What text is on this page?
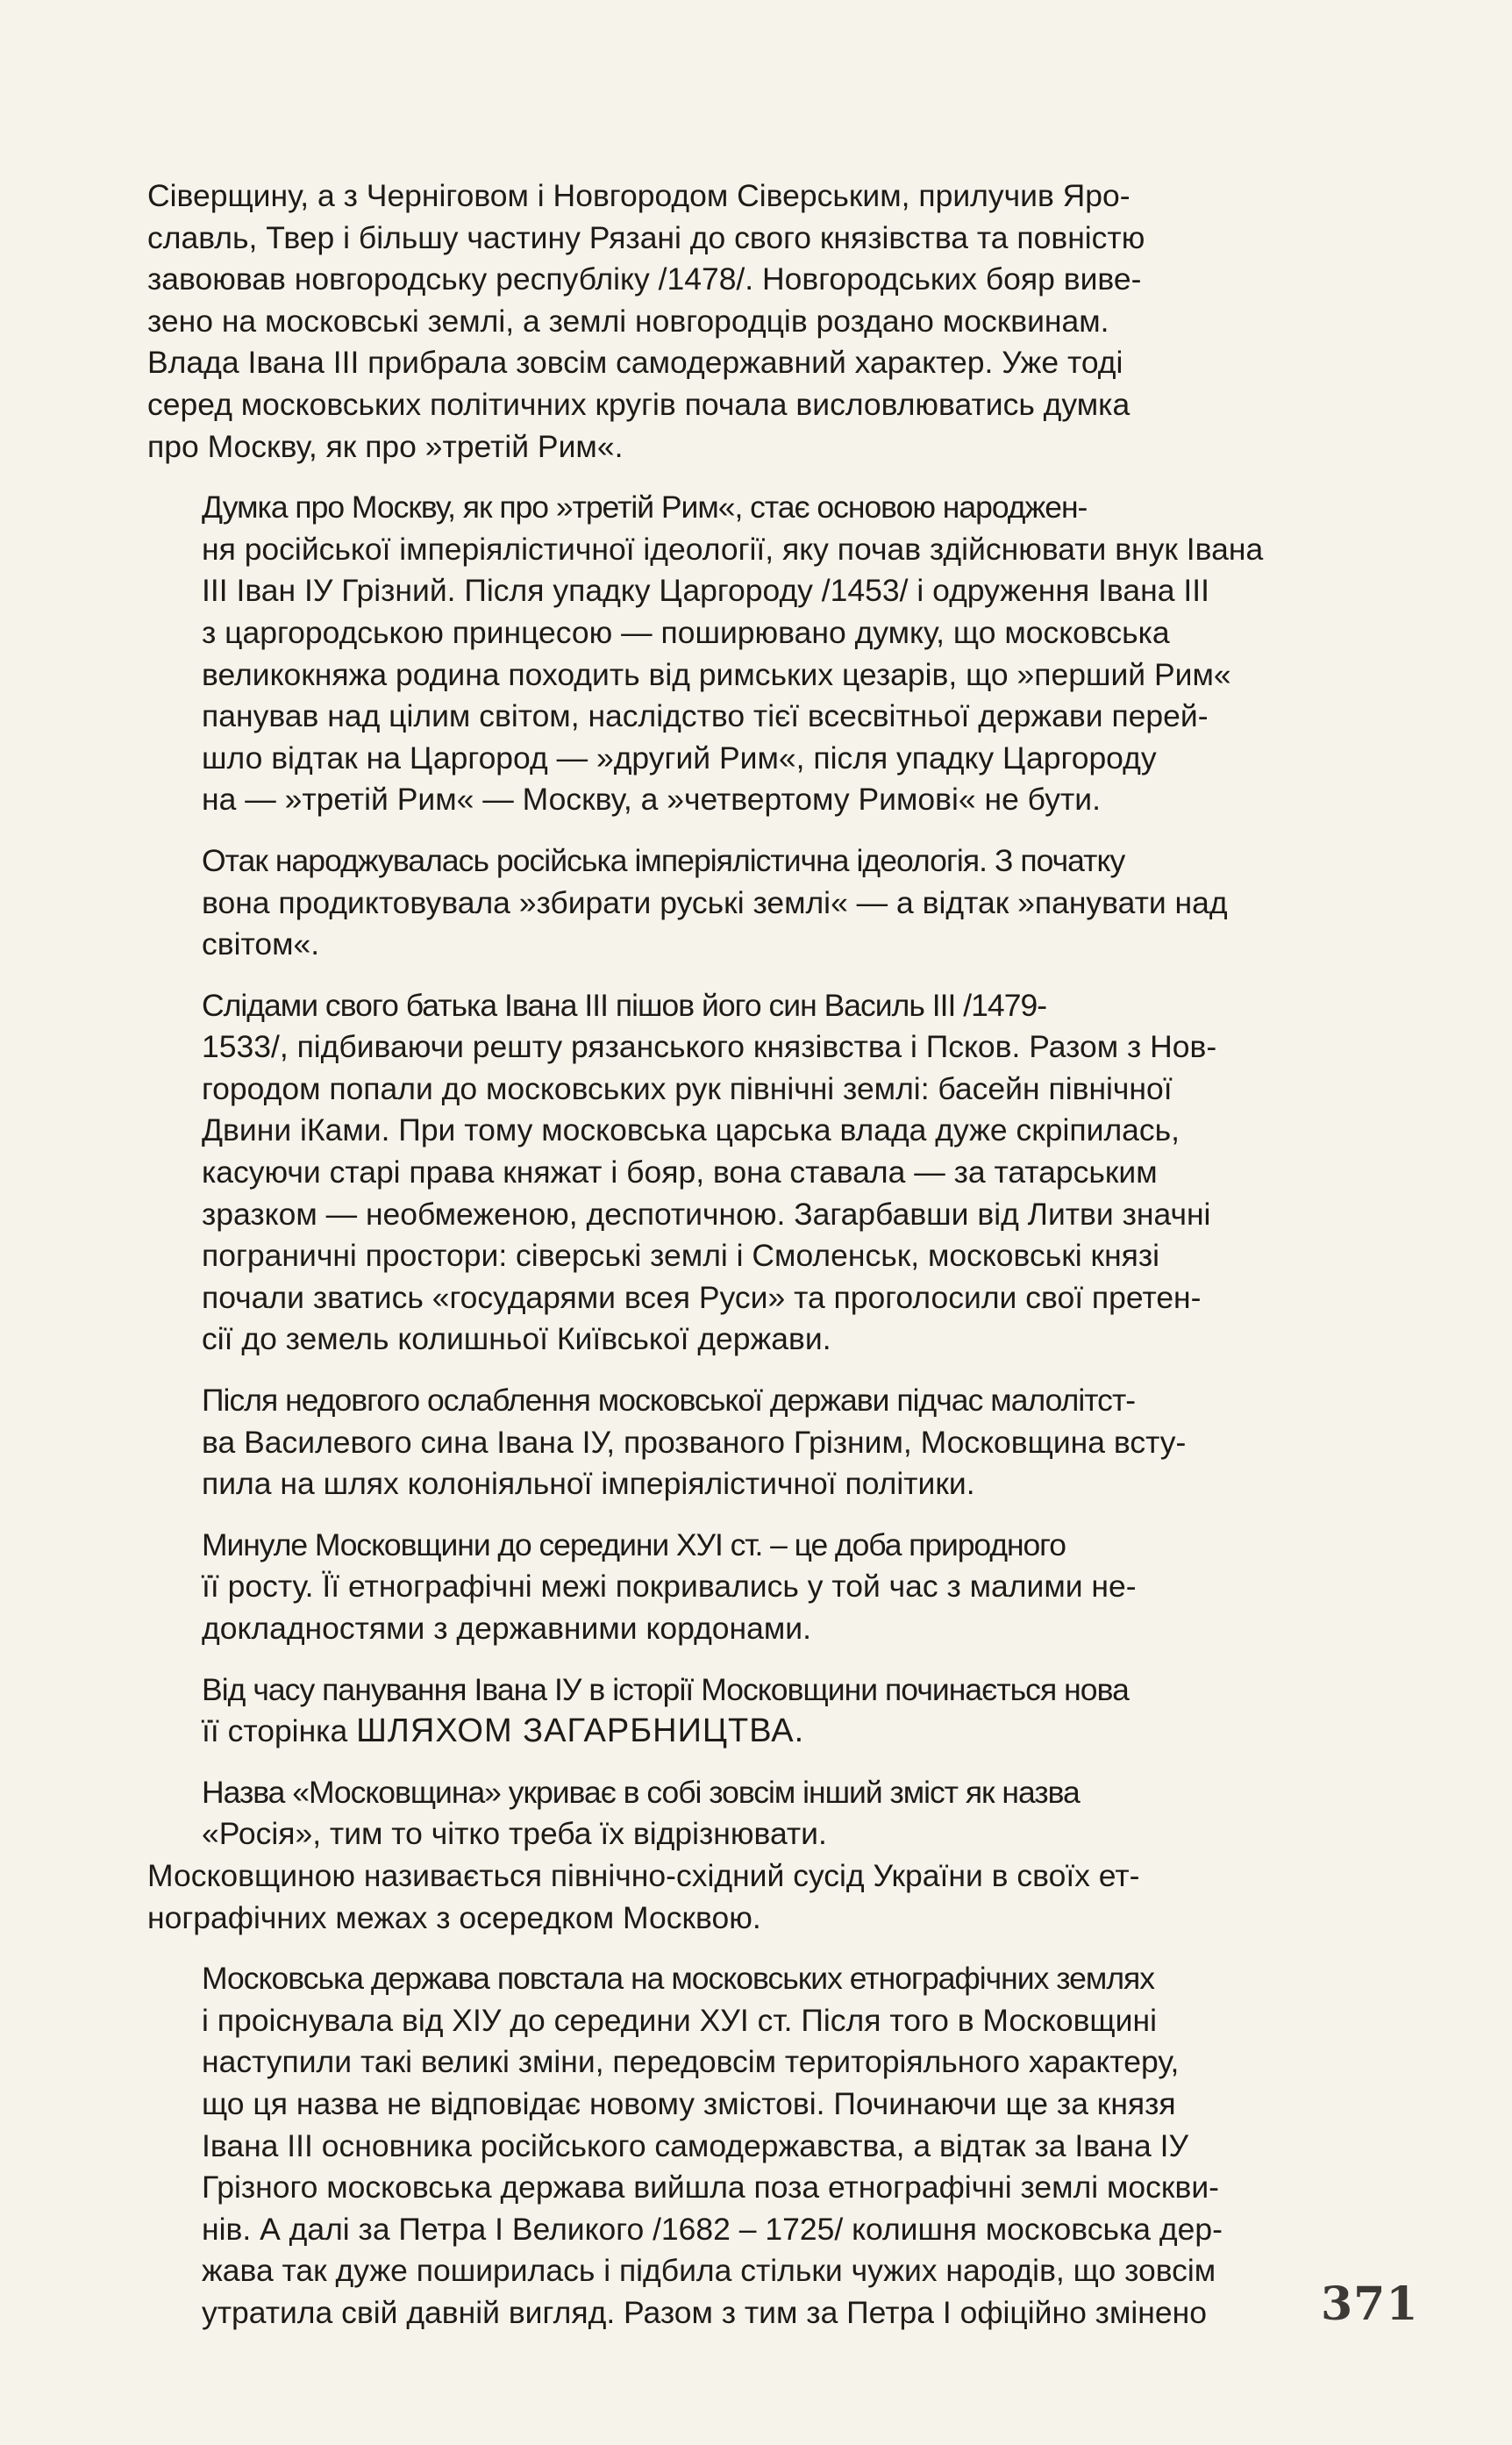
Сіверщину, а з Черніговом і Новгородом Сіверським, прилучив Яро-
славль, Твер і більшу частину Рязані до свого князівства та повністю
завоював новгородську республіку /1478/. Новгородських бояр виве-
зено на московські землі, а землі новгородців роздано москвинам.
Влада Івана ІІІ прибрала зовсім самодержавний характер. Уже тоді
серед московських політичних кругів почала висловлюватись думка
про Москву, як про »третій Рим«.

Думка про Москву, як про »третій Рим«, стає основою народжен-
ня російської імперіялістичної ідеології, яку почав здійснювати внук Івана
ІІІ Іван ІУ Грізний. Після упадку Царгороду /1453/ і одруження Івана ІІІ
з царгородською принцесою — поширювано думку, що московська
великокняжа родина походить від римських цезарів, що »перший Рим«
панував над цілим світом, наслідство тієї всесвітньої держави перей-
шло відтак на Царгород — »другий Рим«, після упадку Царгороду
на — »третій Рим« — Москву, а »четвертому Римові« не бути.

Отак народжувалась російська імперіялістична ідеологія. З початку
вона продиктовувала »збирати руські землі« — а відтак »панувати над
світом«.

Слідами свого батька Івана ІІІ пішов його син Василь ІІІ /1479-
1533/, підбиваючи решту рязанського князівства і Псков. Разом з Нов-
городом попали до московських рук північні землі: басейн північної
Двини іКами. При тому московська царська влада дуже скріпилась,
касуючи старі права княжат і бояр, вона ставала — за татарським
зразком — необмеженою, деспотичною. Загарбавши від Литви значні
пограничні простори: сіверські землі і Смоленськ, московські князі
почали зватись «государями всея Руси» та проголосили свої претен-
сії до земель колишньої Київської держави.

Після недовгого ослаблення московської держави підчас малолітст-
ва Василевого сина Івана ІУ, прозваного Грізним, Московщина всту-
пила на шлях колоніяльної імперіялістичної політики.

Минуле Московщини до середини ХУІ ст. – це доба природного
її росту. Її етнографічні межі покривались у той час з малими не-
докладностями з державними кордонами.

Від часу панування Івана ІУ в історії Московщини починається нова
її сторінка ШЛЯХОМ ЗАГАРБНИЦТВА.

Назва «Московщина» укриває в собі зовсім інший зміст як назва
«Росія», тим то чітко треба їх відрізнювати.

Московщиною називається північно-східний сусід України в своїх ет-
нографічних межах з осередком Москвою.

Московська держава повстала на московських етнографічних землях
і проіснувала від ХІУ до середини ХУІ ст. Після того в Московщині
наступили такі великі зміни, передовсім територіяльного характеру,
що ця назва не відповідає новому змістові. Починаючи ще за князя
Івана ІІІ основника російського самодержавства, а відтак за Івана ІУ
Грізного московська держава вийшла поза етнографічні землі москви-
нів. А далі за Петра І Великого /1682 – 1725/ колишня московська дер-
жава так дуже поширилась і підбила стільки чужих народів, що зовсім
утратила свій давній вигляд. Разом з тим за Петра І офіційно змінено	371
